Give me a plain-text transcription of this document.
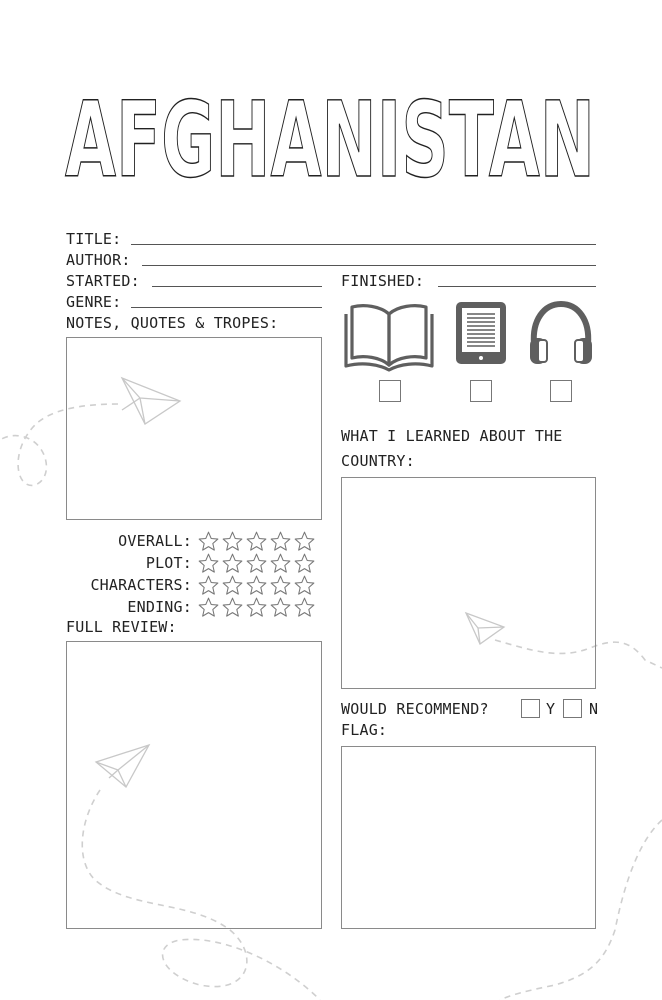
AFGHANISTAN
TITLE:
AUTHOR:
STARTED:	FINISHED:
GENRE:
NOTES, QUOTES & TROPES:
WHAT I LEARNED ABOUT THE
COUNTRY:
OVERALL:
PLOT:
CHARACTERS:
ENDING:
FULL REVIEW:
WOULD RECOMMEND?	Y N
FLAG:
